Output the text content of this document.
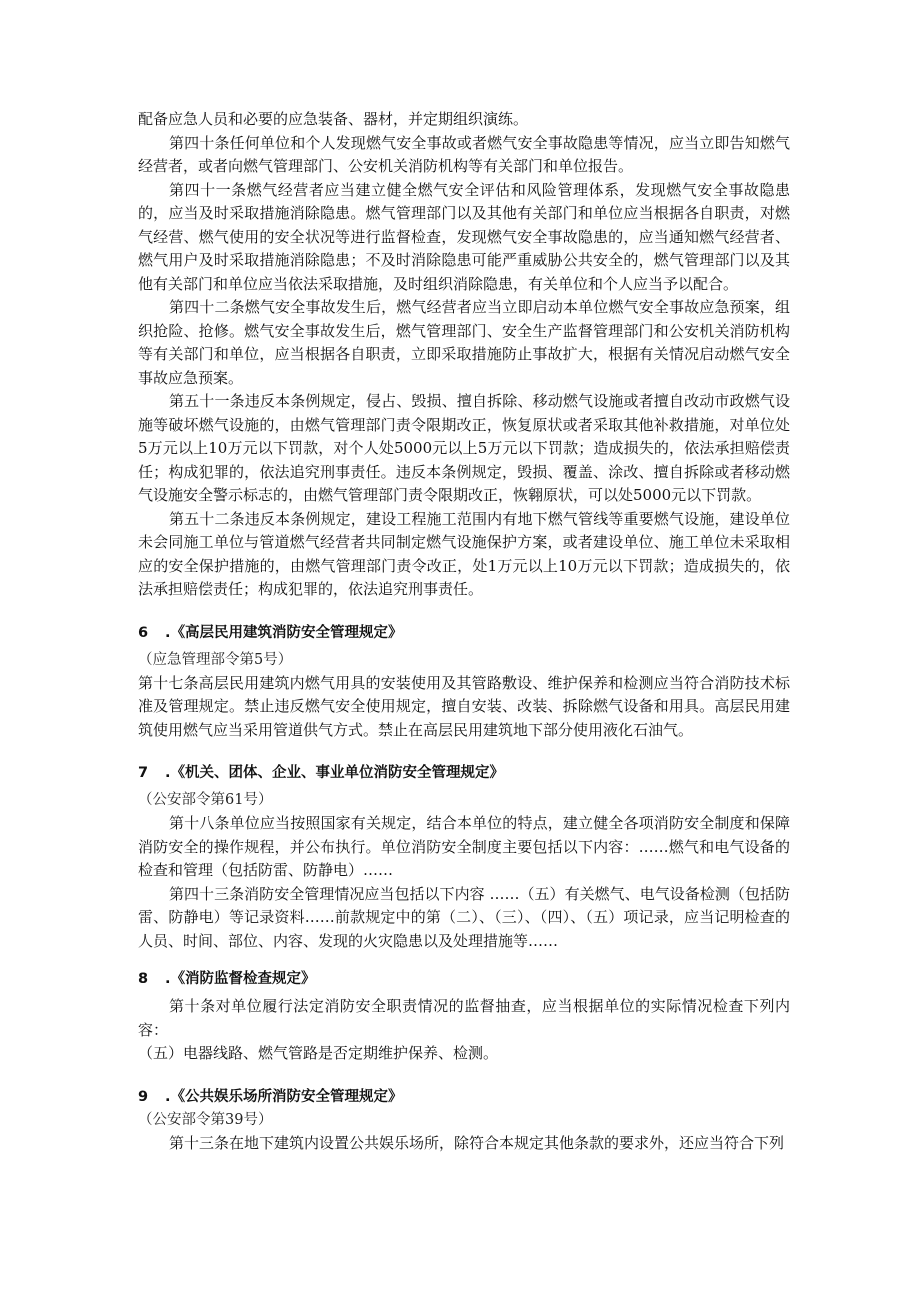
配备应急人员和必要的应急装备、器材，并定期组织演练。

第四十条任何单位和个人发现燃气安全事故或者燃气安全事故隐患等情况，应当立即告知燃气经营者，或者向燃气管理部门、公安机关消防机构等有关部门和单位报告。

第四十一条燃气经营者应当建立健全燃气安全评估和风险管理体系，发现燃气安全事故隐患的，应当及时采取措施消除隐患。燃气管理部门以及其他有关部门和单位应当根据各自职责，对燃气经营、燃气使用的安全状况等进行监督检查，发现燃气安全事故隐患的，应当通知燃气经营者、燃气用户及时采取措施消除隐患；不及时消除隐患可能严重威胁公共安全的，燃气管理部门以及其他有关部门和单位应当依法采取措施，及时组织消除隐患，有关单位和个人应当予以配合。

第四十二条燃气安全事故发生后，燃气经营者应当立即启动本单位燃气安全事故应急预案，组织抢险、抢修。燃气安全事故发生后，燃气管理部门、安全生产监督管理部门和公安机关消防机构等有关部门和单位，应当根据各自职责，立即采取措施防止事故扩大，根据有关情况启动燃气安全事故应急预案。

第五十一条违反本条例规定，侵占、毁损、擅自拆除、移动燃气设施或者擅自改动市政燃气设施等破坏燃气设施的，由燃气管理部门责令限期改正，恢复原状或者采取其他补救措施，对单位处5万元以上10万元以下罚款，对个人处5000元以上5万元以下罚款；造成损失的，依法承担赔偿责任；构成犯罪的，依法追究刑事责任。违反本条例规定，毁损、覆盖、涂改、擅自拆除或者移动燃气设施安全警示标志的，由燃气管理部门责令限期改正，恢翱原状，可以处5000元以下罚款。

第五十二条违反本条例规定，建设工程施工范围内有地下燃气管线等重要燃气设施，建设单位未会同施工单位与管道燃气经营者共同制定燃气设施保护方案，或者建设单位、施工单位未采取相应的安全保护措施的，由燃气管理部门责令改正，处1万元以上10万元以下罚款；造成损失的，依法承担赔偿责任；构成犯罪的，依法追究刑事责任。

6 .《高层民用建筑消防安全管理规定》

（应急管理部令第5号）

第十七条高层民用建筑内燃气用具的安装使用及其管路敷设、维护保养和检测应当符合消防技术标准及管理规定。禁止违反燃气安全使用规定，擅自安装、改装、拆除燃气设备和用具。高层民用建筑使用燃气应当采用管道供气方式。禁止在高层民用建筑地下部分使用液化石油气。

7 .《机关、团体、企业、事业单位消防安全管理规定》

（公安部令第61号）

第十八条单位应当按照国家有关规定，结合本单位的特点，建立健全各项消防安全制度和保障消防安全的操作规程，并公布执行。单位消防安全制度主要包括以下内容：……燃气和电气设备的检查和管理（包括防雷、防静电）……

第四十三条消防安全管理情况应当包括以下内容 ……（五）有关燃气、电气设备检测（包括防雷、防静电）等记录资料……前款规定中的第（二）、（三）、（四）、（五）项记录，应当记明检查的人员、时间、部位、内容、发现的火灾隐患以及处理措施等……

8 .《消防监督检查规定》

第十条对单位履行法定消防安全职责情况的监督抽查，应当根据单位的实际情况检查下列内容：

（五）电器线路、燃气管路是否定期维护保养、检测。

9 .《公共娱乐场所消防安全管理规定》

（公安部令第39号）

第十三条在地下建筑内设置公共娱乐场所，除符合本规定其他条款的要求外，还应当符合下列
